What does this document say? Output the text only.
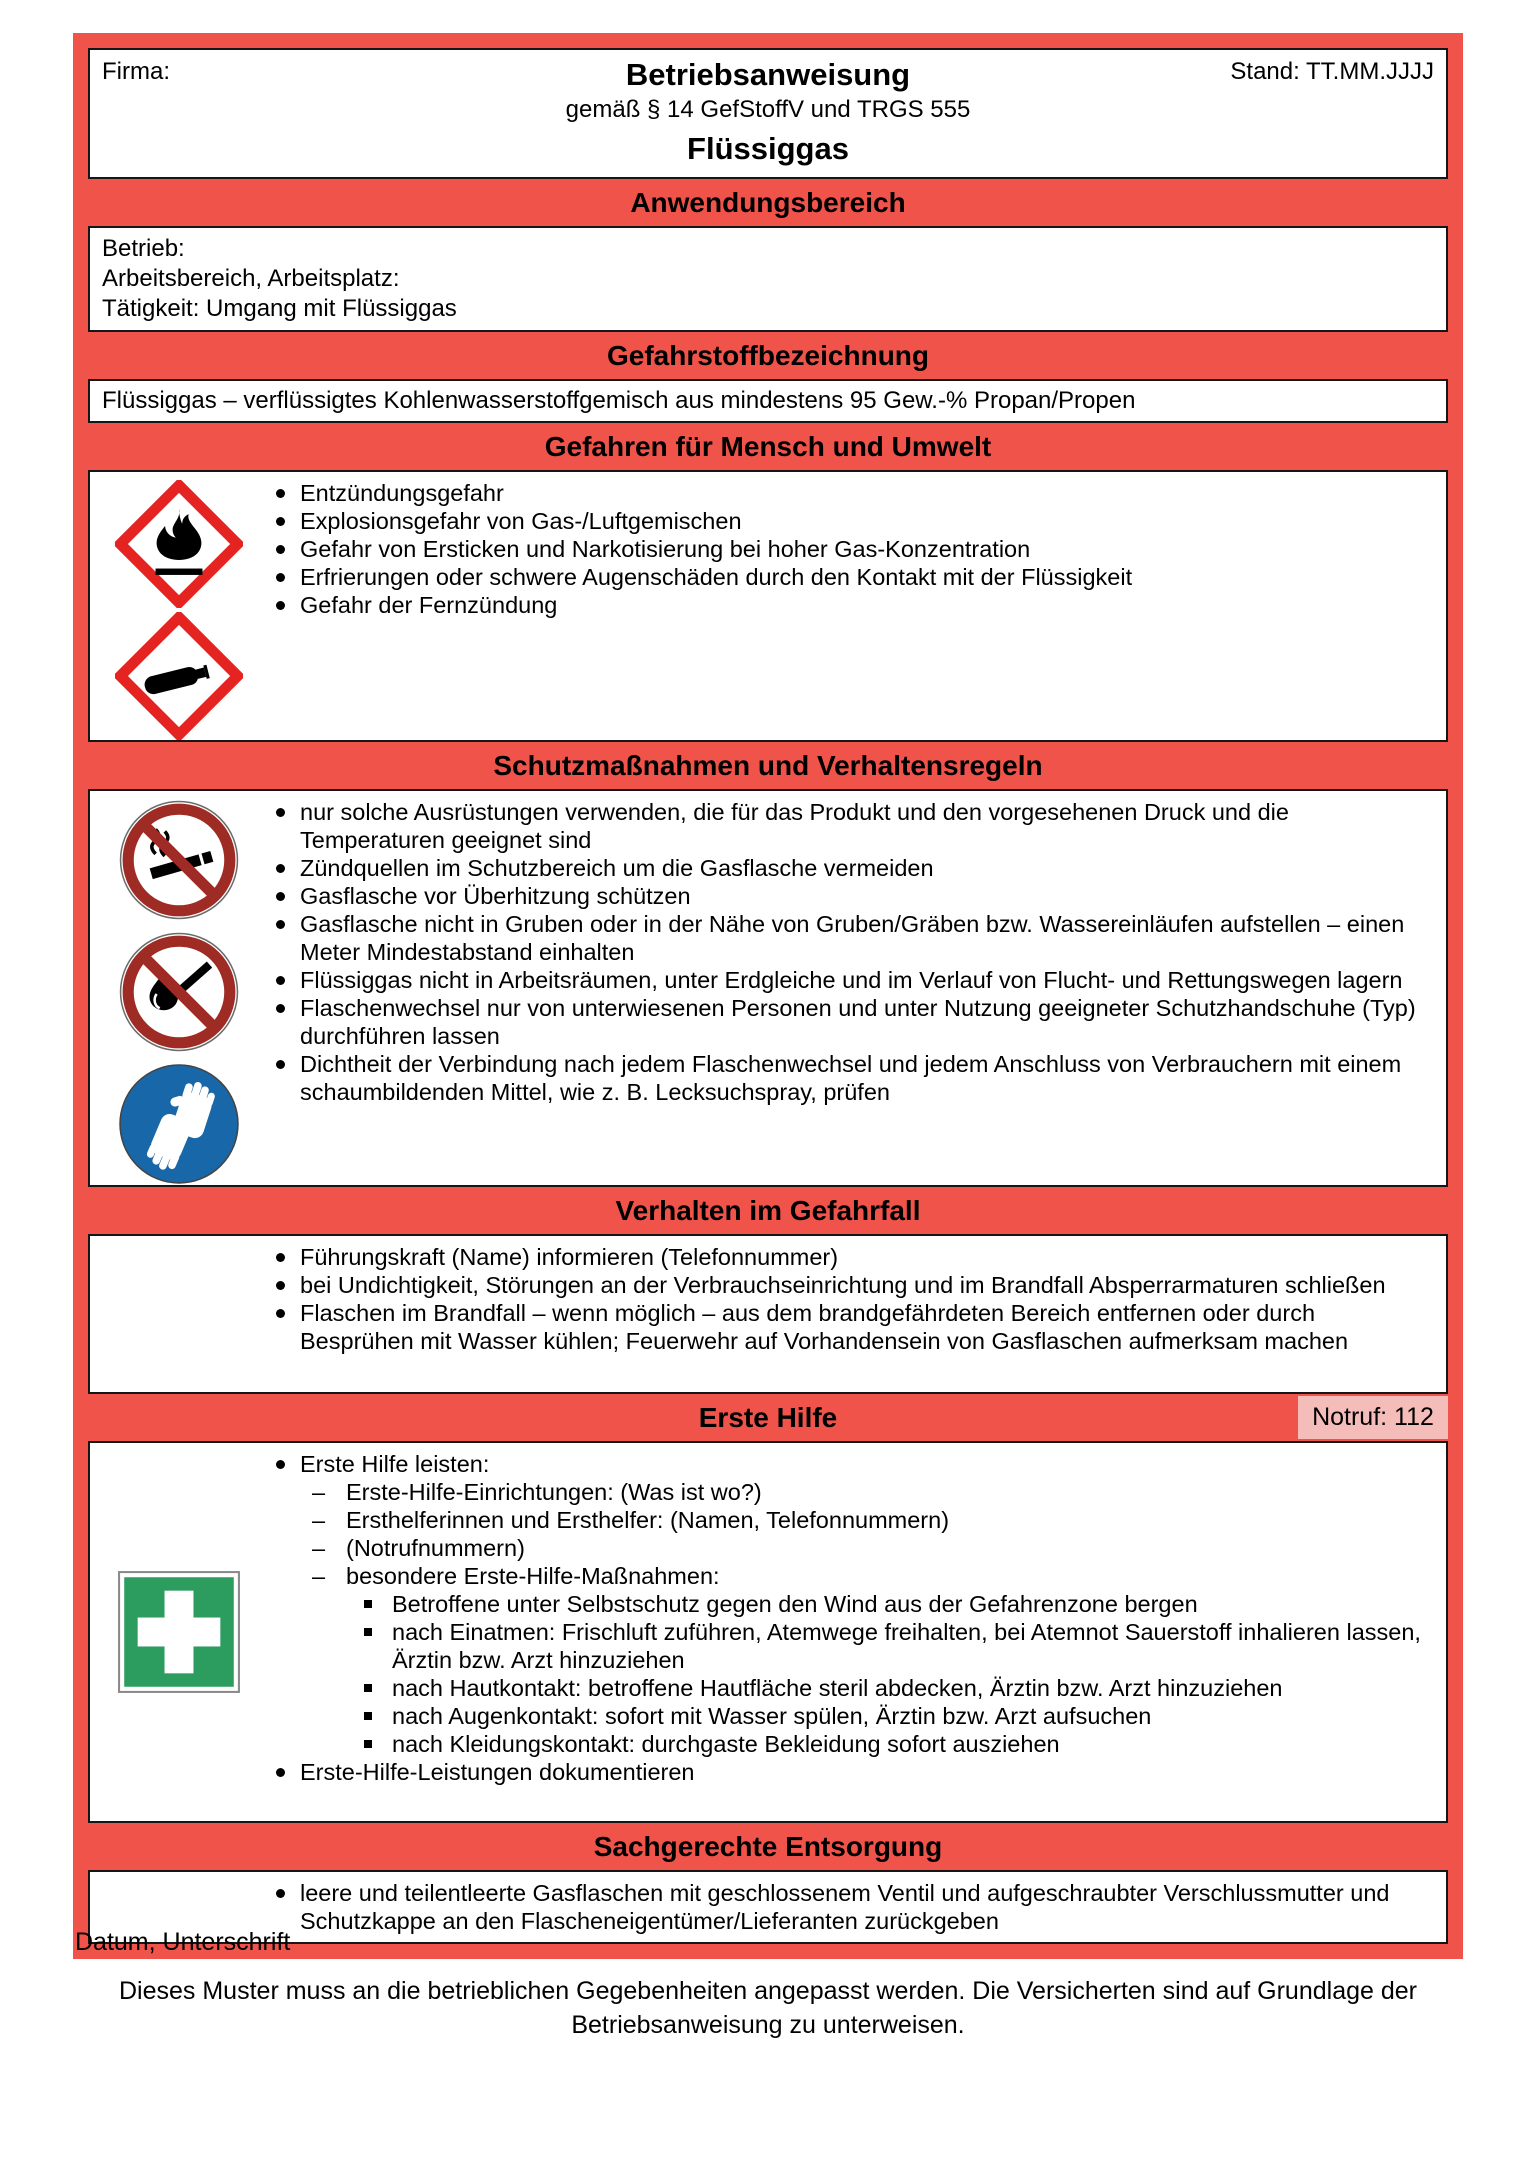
Firma:	Stand: TT.MM.JJJJ
Betriebsanweisung
gemäß § 14 GefStoffV und TRGS 555
Flüssiggas
Anwendungsbereich
Betrieb:
Arbeitsbereich, Arbeitsplatz:
Tätigkeit: Umgang mit Flüssiggas
Gefahrstoffbezeichnung
Flüssiggas – verflüssigtes Kohlenwasserstoffgemisch aus mindestens 95 Gew.-% Propan/Propen
Gefahren für Mensch und Umwelt
Entzündungsgefahr
Explosionsgefahr von Gas-/Luftgemischen
Gefahr von Ersticken und Narkotisierung bei hoher Gas-Konzentration
Erfrierungen oder schwere Augenschäden durch den Kontakt mit der Flüssigkeit
Gefahr der Fernzündung
Schutzmaßnahmen und Verhaltensregeln
nur solche Ausrüstungen verwenden, die für das Produkt und den vorgesehenen Druck und die Temperaturen geeignet sind
Zündquellen im Schutzbereich um die Gasflasche vermeiden
Gasflasche vor Überhitzung schützen
Gasflasche nicht in Gruben oder in der Nähe von Gruben/Gräben bzw. Wassereinläufen aufstellen – einen Meter Mindestabstand einhalten
Flüssiggas nicht in Arbeitsräumen, unter Erdgleiche und im Verlauf von Flucht- und Rettungswegen lagern
Flaschenwechsel nur von unterwiesenen Personen und unter Nutzung geeigneter Schutzhandschuhe (Typ) durchführen lassen
Dichtheit der Verbindung nach jedem Flaschenwechsel und jedem Anschluss von Verbrauchern mit einem schaumbildenden Mittel, wie z. B. Lecksuchspray, prüfen
Verhalten im Gefahrfall
Führungskraft (Name) informieren (Telefonnummer)
bei Undichtigkeit, Störungen an der Verbrauchseinrichtung und im Brandfall Absperrarmaturen schließen
Flaschen im Brandfall – wenn möglich – aus dem brandgefährdeten Bereich entfernen oder durch Besprühen mit Wasser kühlen; Feuerwehr auf Vorhandensein von Gasflaschen aufmerksam machen
Erste Hilfe	Notruf: 112
Erste Hilfe leisten:
– Erste-Hilfe-Einrichtungen: (Was ist wo?)
– Ersthelferinnen und Ersthelfer: (Namen, Telefonnummern)
– (Notrufnummern)
– besondere Erste-Hilfe-Maßnahmen:
Betroffene unter Selbstschutz gegen den Wind aus der Gefahrenzone bergen
nach Einatmen: Frischluft zuführen, Atemwege freihalten, bei Atemnot Sauerstoff inhalieren lassen, Ärztin bzw. Arzt hinzuziehen
nach Hautkontakt: betroffene Hautfläche steril abdecken, Ärztin bzw. Arzt hinzuziehen
nach Augenkontakt: sofort mit Wasser spülen, Ärztin bzw. Arzt aufsuchen
nach Kleidungskontakt: durchgaste Bekleidung sofort ausziehen
Erste-Hilfe-Leistungen dokumentieren
Sachgerechte Entsorgung
leere und teilentleerte Gasflaschen mit geschlossenem Ventil und aufgeschraubter Verschlussmutter und Schutzkappe an den Flascheneigentümer/Lieferanten zurückgeben
Datum, Unterschrift
Dieses Muster muss an die betrieblichen Gegebenheiten angepasst werden. Die Versicherten sind auf Grundlage der Betriebsanweisung zu unterweisen.
